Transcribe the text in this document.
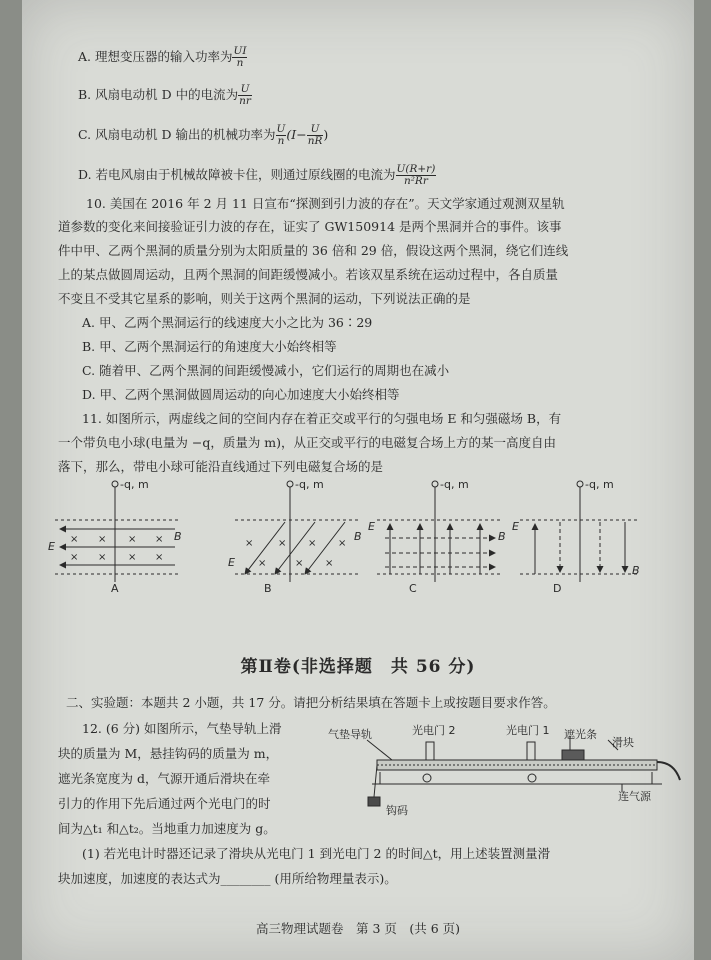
A. 理想变压器的输入功率为 $\frac{UI}{n}$
B. 风扇电动机 D 中的电流为 $\frac{U}{nr}$
C. 风扇电动机 D 输出的机械功率为 $\frac{U}{n} (I- \frac{U}{nR}$ )
D. 若电风扇由于机械故障被卡住，则通过原线圈的电流为 $\frac{U(R+r)}{\text{n²Rr}}$
10. 美国在 2016 年 2 月 11 日宣布“探测到引力波的存在”。天文学家通过观测双星轨
道参数的变化来间接验证引力波的存在，证实了 GW150914 是两个黑洞并合的事件。该事
件中甲、乙两个黑洞的质量分别为太阳质量的 36 倍和 29 倍，假设这两个黑洞，绕它们连线
上的某点做圆周运动，且两个黑洞的间距缓慢减小。若该双星系统在运动过程中，各自质量
不变且不受其它星系的影响，则关于这两个黑洞的运动，下列说法正确的是
A. 甲、乙两个黑洞运行的线速度大小之比为 36∶29
B. 甲、乙两个黑洞运行的角速度大小始终相等
C. 随着甲、乙两个黑洞的间距缓慢减小，它们运行的周期也在减小
D. 甲、乙两个黑洞做圆周运动的向心加速度大小始终相等
11. 如图所示，两虚线之间的空间内存在着正交或平行的匀强电场 E 和匀强磁场 B，有
一个带负电小球(电量为 −q，质量为 m)，从正交或平行的电磁复合场上方的某一高度自由
落下，那么，带电小球可能沿直线通过下列电磁复合场的是
× × × ×
× × × ×
× × × ×
×	× ×
-q, m	-q, m	-q, m	-q, m
E
B
E
B
E
B
E
B
A	B	C	D
第Ⅱ卷(非选择题　共 56 分)
二、实验题：本题共 2 小题，共 17 分。请把分析结果填在答题卡上或按题目要求作答。
12. (6 分) 如图所示，气垫导轨上滑
块的质量为 M，悬挂钩码的质量为 m，
遮光条宽度为 d，气源开通后滑块在牵
引力的作用下先后通过两个光电门的时
间为△t₁ 和△t₂。当地重力加速度为 g。
气垫导轨	光电门 2	光电门 1 遮光条
滑块
钩码
连气源
(1) 若光电计时器还记录了滑块从光电门 1 到光电门 2 的时间△t，用上述装置测量滑
块加速度，加速度的表达式为________ (用所给物理量表示)。
高三物理试题卷　第 3 页　(共 6 页)
